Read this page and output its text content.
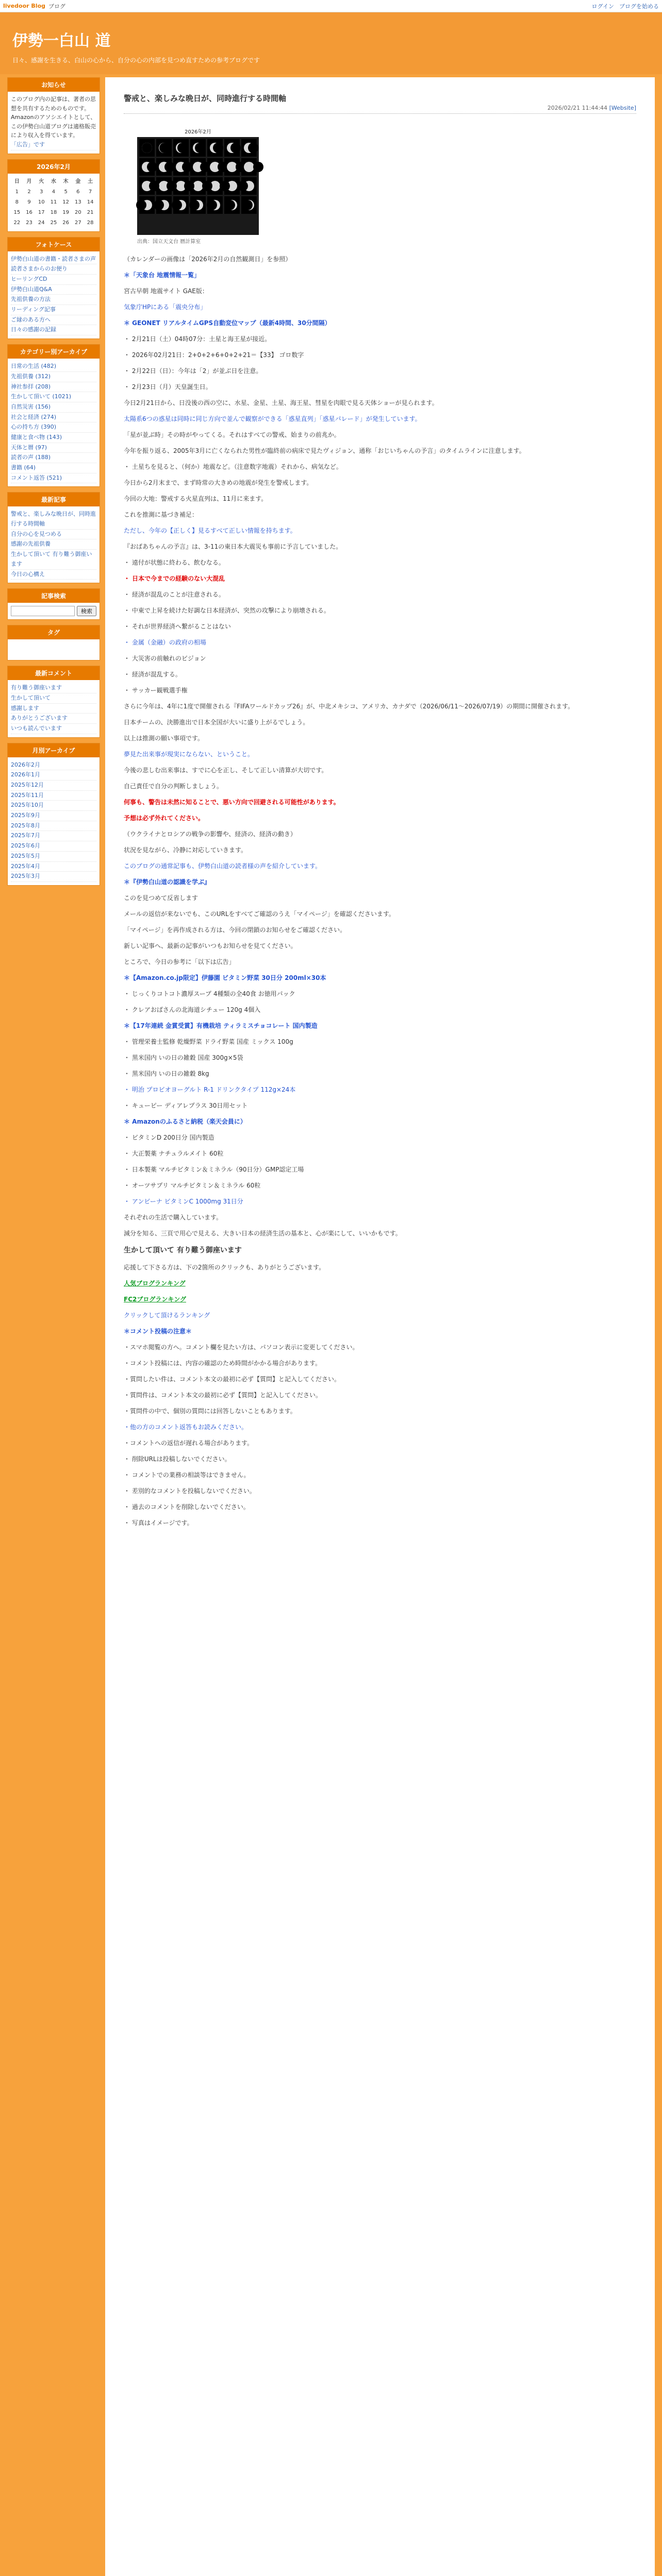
livedoor Blog ブログ	ログイン ブログを始める
伊勢一白山 道
日々、感謝を生きる、白山の心から、自分の心の内部を見つめ直すための参考ブログです
お知らせ
このブログ内の記事は、著者の思想を共有するためのものです。Amazonのアソシエイトとして、この伊勢白山道ブログは適格販売により収入を得ています。
「広告」です
2026年2月
日	月	火	水	木	金	土
1	2	3	4	5	6	7
8	9	10	11	12	13	14
15	16	17	18	19	20	21
22	23	24	25	26	27	28
フォトケース
伊勢白山道の書籍・読者さまの声
読者さまからのお便り
ヒーリングCD
伊勢白山道Q&A
先祖供養の方法
リーディング記事
ご縁のある方へ
日々の感謝の記録
カテゴリー別アーカイブ
日常の生活 (482)
先祖供養 (312)
神社参拝 (208)
生かして頂いて (1021)
自然災害 (156)
社会と経済 (274)
心の持ち方 (390)
健康と食べ物 (143)
天体と暦 (97)
読者の声 (188)
書籍 (64)
コメント返答 (521)
最新記事
警戒と、楽しみな晩日が、同時進行する時間軸
自分の心を見つめる
感謝の先祖供養
生かして頂いて 有り難う御座います
今日の心構え
記事検索
検索
タグ
最新コメント
有り難う御座います
生かして頂いて
感謝します
ありがとうございます
いつも読んでいます
月別アーカイブ
2026年2月
2026年1月
2025年12月
2025年11月
2025年10月
2025年9月
2025年8月
2025年7月
2025年6月
2025年5月
2025年4月
2025年3月
警戒と、楽しみな晩日が、同時進行する時間軸
2026/02/21 11:44:44 [Website]
2026年2月
出典：国立天文台 暦計算室

（カレンダーの画像は「2026年2月の自然観測日」を参照）

＊「天象台 地震情報一覧」

宮古早朝 地震サイト GAE版：

気象庁HPにある「震央分布」

＊ GEONET リアルタイムGPS自動変位マップ（最新4時間、30分間隔）

・ 2月21日（土）04時07分：土星と海王星が接近。

・ 2026年02月21日：2+0+2+6+0+2+21＝【33】 ゴロ数字

・ 2月22日（日）：今年は「2」が並ぶ日を注意。

・ 2月23日（月）天皇誕生日。

今日2月21日から、日没後の西の空に、水星、金星、土星、海王星、彗星を肉眼で見る天体ショーが見られます。

太陽系6つの惑星は同時に同じ方向で並んで観察ができる「惑星直列」「惑星パレード」が発生しています。

「星が並ぶ時」その時がやってくる。それはすべての警戒、始まりの前兆か。

今年を振り返る、2005年3月に亡くなられた男性が臨終前の病床で見たヴィジョン、通称「おじいちゃんの予言」のタイムラインに注意します。

・ 土星ちを見ると、（何か）地震など。（注意数字地震）それから、病気など。

今日から2月末まで、まず時常の大きめの地震が発生を警戒します。

今回の大地：警戒する火星直列は、11月に来ます。

これを推測に基づき補足：

ただし、今年の【正しく】見るすべて正しい情報を持ちます。

『おばあちゃんの予言』は、3-11の東日本大震災も事前に予言していました。

・ 遠付が状態に終わる、飲むなる。

・ 日本で今までの経験のない大混乱

・ 経済が混乱のことが注意される。

・ 中東で上昇を続けた好調な日本経済が、突然の攻撃により崩壊される。

・ それが世界経済へ繋がることはない

・ 金属（金融）の政府の相場

・ 大災害の前触れのビジョン

・ 経済が混乱する。

・ サッカー観戦選手権

さらに今年は、4年に1度で開催される『FIFAワールドカップ26』が、中北メキシコ、アメリカ、カナダで（2026/06/11～2026/07/19）の期間に開催されます。

日本チームの、決勝進出で日本全国が大いに盛り上がるでしょう。

以上は推測の願い事項です。

夢見た出来事が現実にならない、ということ。

今後の悲しむ出来事は、すでに心を正し、そして正しい清算が大切です。

自己責任で自分の判断しましょう。

何事も、警告は未然に知ることで、悪い方向で回避される可能性があります。

予想は必ず外れてください。

（ウクライナとロシアの戦争の影響や、経済の、経済の動き）

状況を見ながら、冷静に対応していきます。

このブログの通常記事も、伊勢白山道の読者様の声を紹介しています。

＊『伊勢白山道の認識を学ぶ』

このを見つめて反省します

メールの返信が来ないでも、このURLをすべてご確認のうえ「マイページ」を確認くださいます。

「マイページ」を再作成される方は、今回の閉鎖のお知らせをご確認ください。

新しい記事へ、最新の記事がいつもお知らせを見てください。

ところで、今日の参考に「以下は広告」

＊【Amazon.co.jp限定】伊藤園 ビタミン野菜 30日分 200ml×30本

・ じっくりコトコト濃厚スープ 4種類の全40食 お徳用パック

・ クレアおばさんの北海道シチュー 120g 4個入

＊【17年連続 金賞受賞】有機栽培 ティラミスチョコレート 国内製造

・ 管理栄養士監修 乾燥野菜 ドライ野菜 国産 ミックス 100g

・ 黒米国内 いの日の雑穀 国産 300g×5袋

・ 黒米国内 いの日の雑穀 8kg

・ 明治 プロビオヨーグルト R-1 ドリンクタイプ 112g×24本

・ キューピー ディアレプラス 30日用セット

＊ Amazonのふるさと納税（楽天会員に）

・ ビタミンD 200日分 国内製造

・ 大正製薬 ナチュラルメイト 60粒

・ 日本製薬 マルチビタミン＆ミネラル（90日分）GMP認定工場

・ オーツサプリ マルチビタミン＆ミネラル 60粒

・ アンビーナ ビタミンC 1000mg 31日分

それぞれの生活で購入しています。

減分を知る、三頁で用心で見える、大きい日本の経済生活の基本と、心が楽にして、いいかもです。

生かして頂いて 有り難う御座います

応援して下さる方は、下の2箇所のクリックも、ありがとうございます。

人気ブログランキング

FC2ブログランキング

クリックして頂けるランキング

＊コメント投稿の注意＊

・スマホ閲覧の方へ。コメント欄を見たい方は、パソコン表示に変更してください。

・コメント投稿には、内容の確認のため時間がかかる場合があります。

・質問したい件は、コメント本文の最初に必ず【質問】と記入してください。

・質問件は、コメント本文の最初に必ず【質問】と記入してください。

・質問件の中で、個別の質問には回答しないこともあります。

・他の方のコメント返答もお読みください。

・コメントへの返信が遅れる場合があります。

・ 削除URLは投稿しないでください。

・ コメントでの業務の相談等はできません。

・ 差別的なコメントを投稿しないでください。

・ 過去のコメントを削除しないでください。

・ 写真はイメージです。
